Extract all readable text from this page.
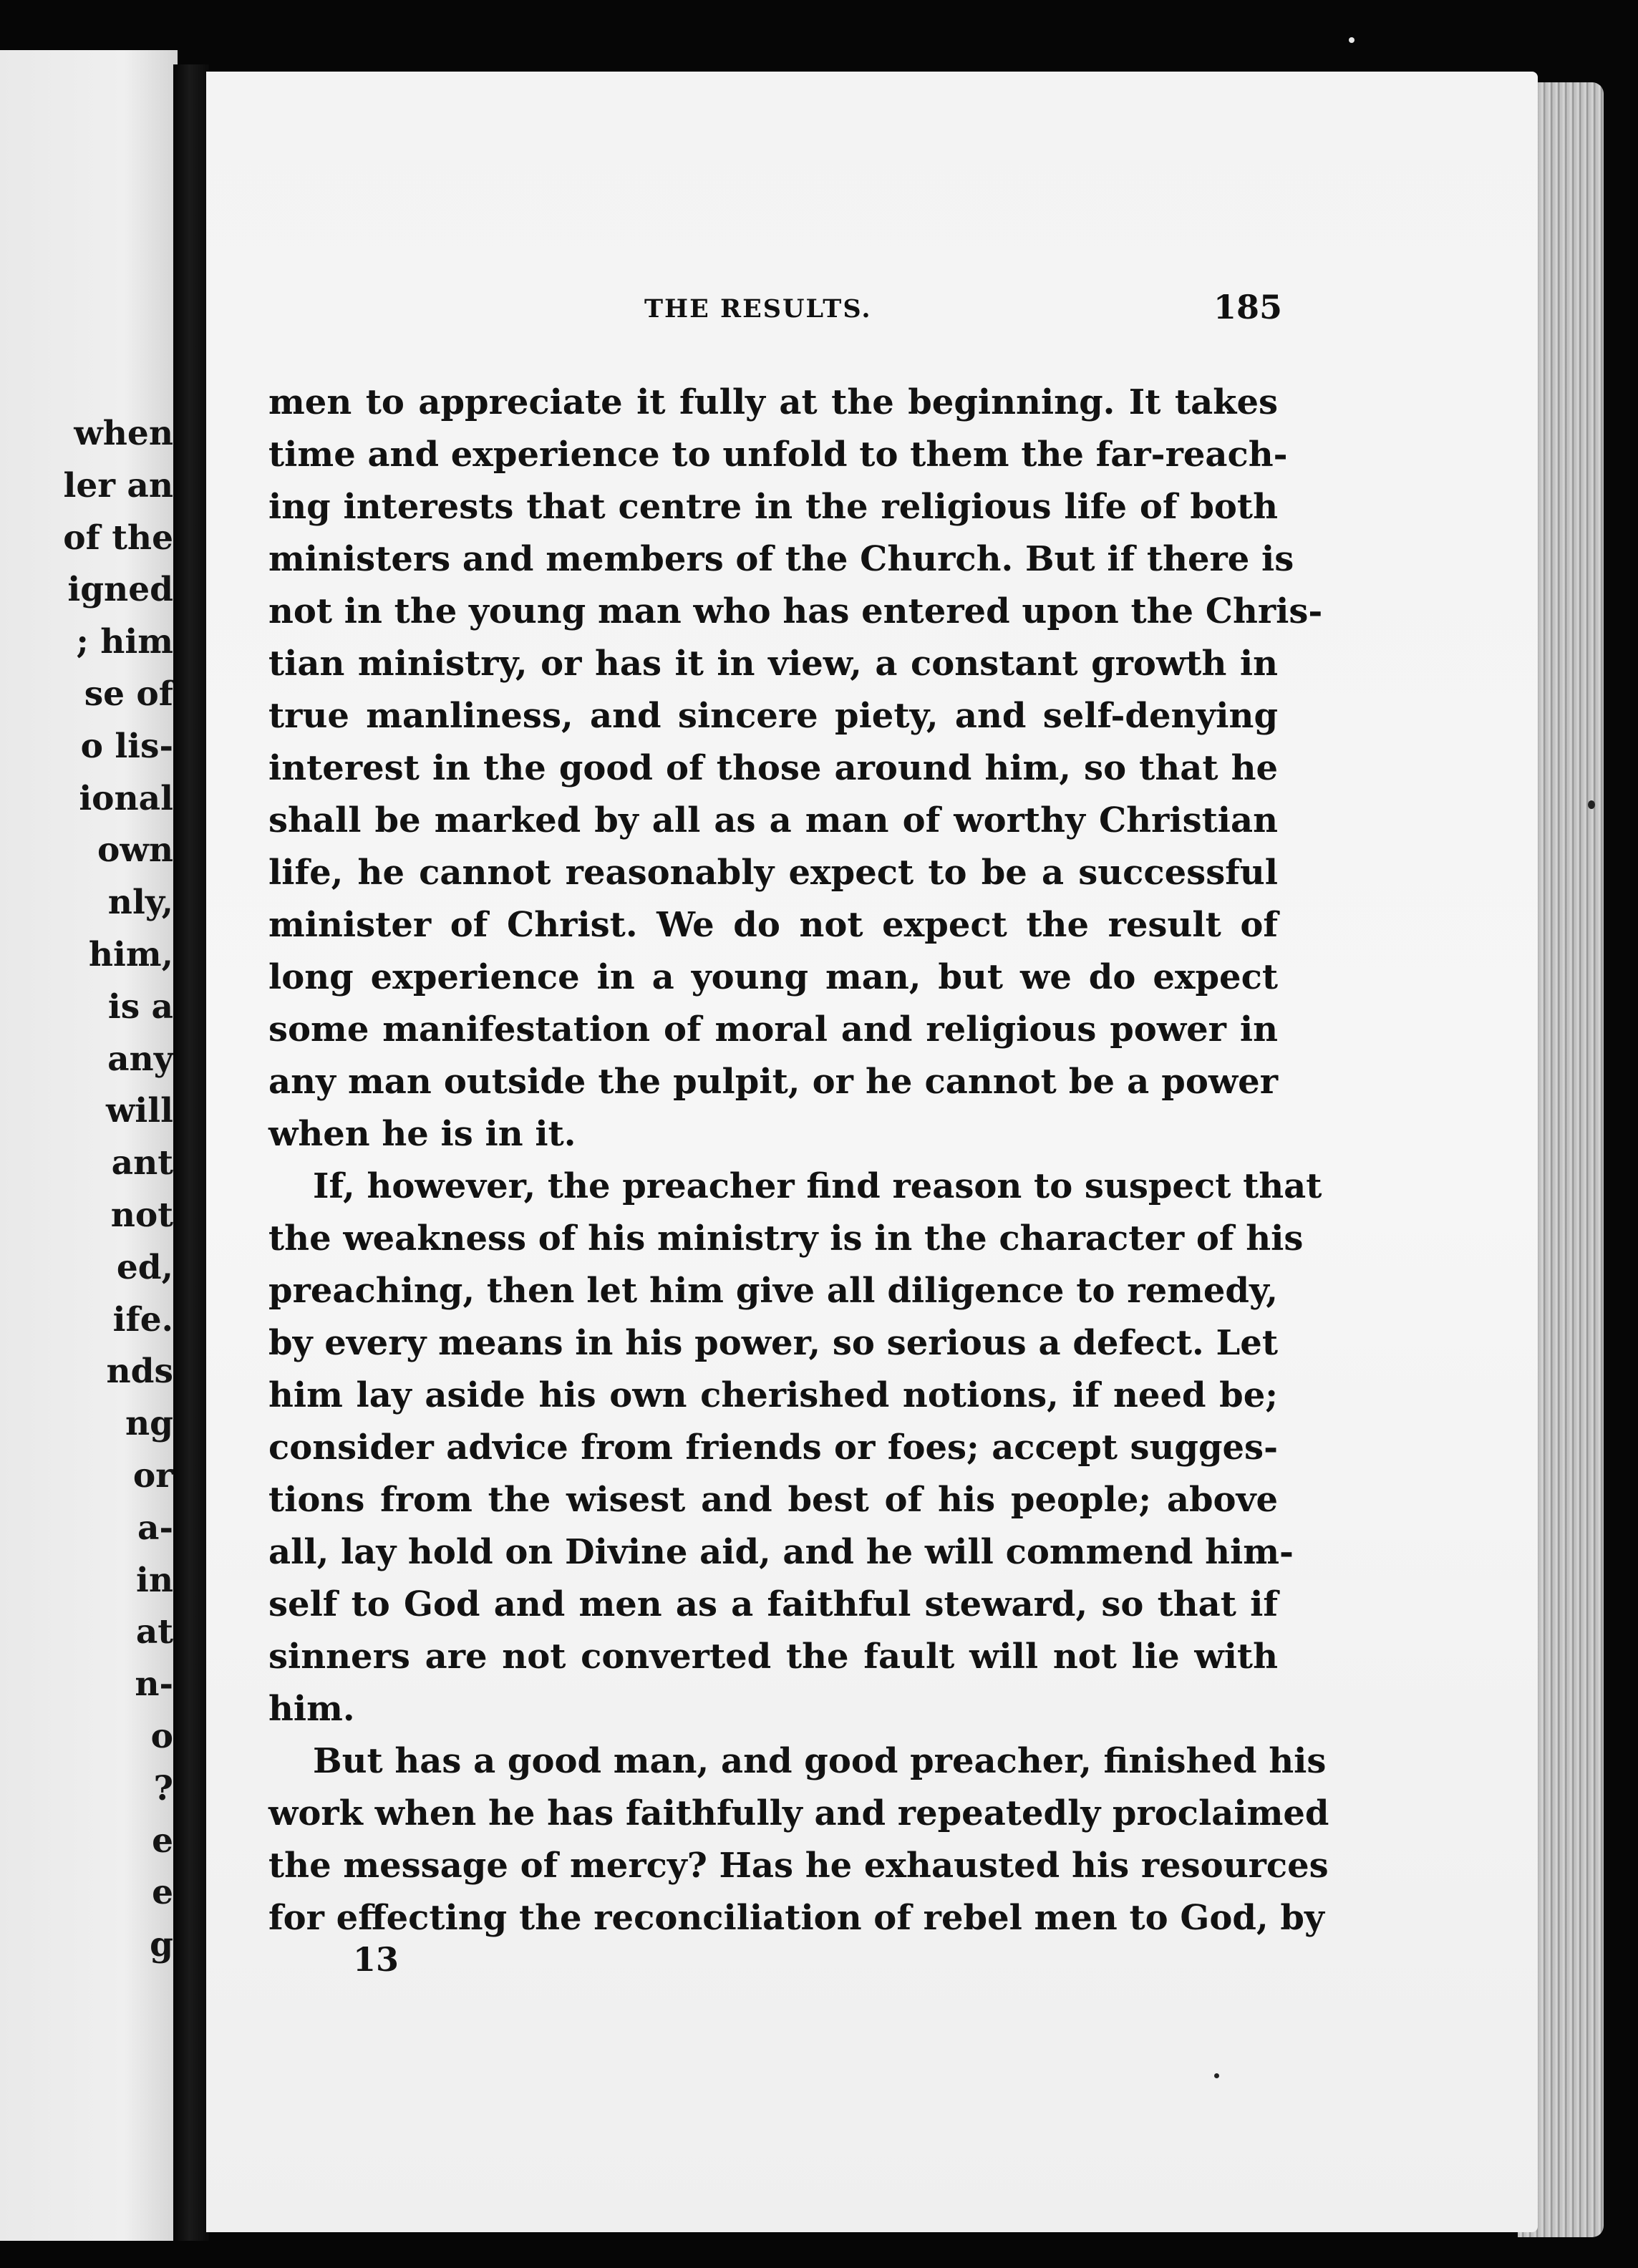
when
ler an
of the
igned
; him
se of
o lis-
ional
own
nly,
him,
is a
any
will
ant
not
ed,
ife.
nds
ng
or
a-
in
at
n-
o
?
e
e
g
THE RESULTS.	185
men to appreciate it fully at the beginning. It takes
time and experience to unfold to them the far-reach-
ing interests that centre in the religious life of both
ministers and members of the Church. But if there is
not in the young man who has entered upon the Chris-
tian ministry, or has it in view, a constant growth in
true manliness, and sincere piety, and self-denying
interest in the good of those around him, so that he
shall be marked by all as a man of worthy Christian
life, he cannot reasonably expect to be a successful
minister of Christ. We do not expect the result of
long experience in a young man, but we do expect
some manifestation of moral and religious power in
any man outside the pulpit, or he cannot be a power
when he is in it.
If, however, the preacher find reason to suspect that
the weakness of his ministry is in the character of his
preaching, then let him give all diligence to remedy,
by every means in his power, so serious a defect. Let
him lay aside his own cherished notions, if need be;
consider advice from friends or foes; accept sugges-
tions from the wisest and best of his people; above
all, lay hold on Divine aid, and he will commend him-
self to God and men as a faithful steward, so that if
sinners are not converted the fault will not lie with
him.
But has a good man, and good preacher, finished his
work when he has faithfully and repeatedly proclaimed
the message of mercy? Has he exhausted his resources
for effecting the reconciliation of rebel men to God, by
13
